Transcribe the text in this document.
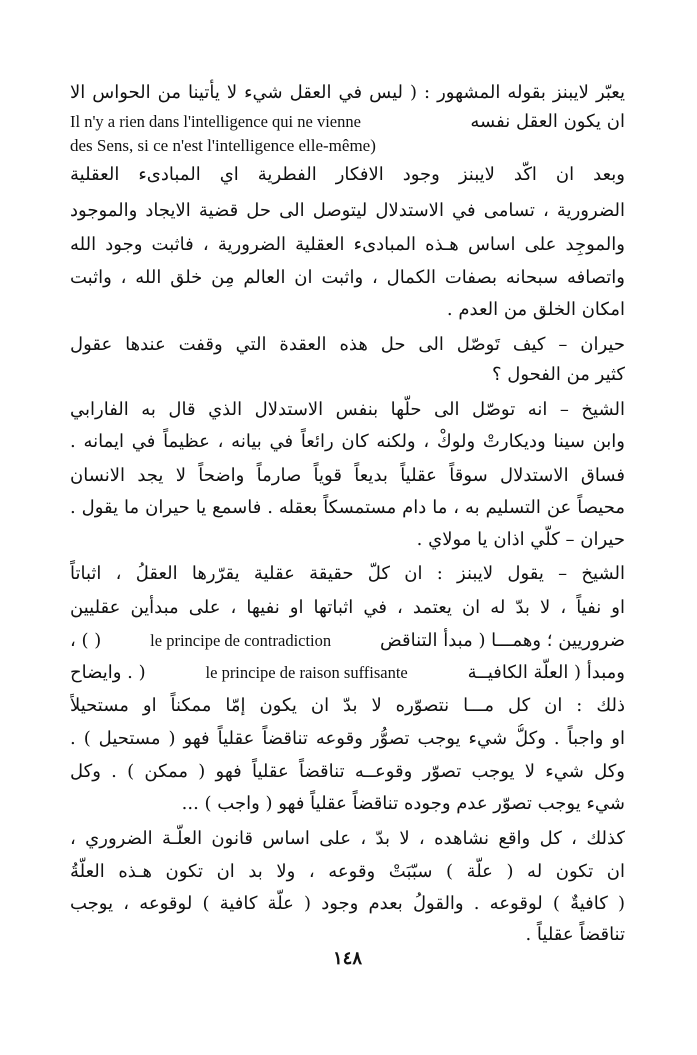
يعبّر لايبنز بقوله المشهور : ( ليس في العقل شيء لا يأتينا من الحواس الا
ان يكون العقل نفسه
Il n'y a rien dans l'intelligence qui ne vienne
des Sens, si ce n'est l'intelligence elle-même)
وبعد ان اكّد لايبنز وجود الافكار الفطرية اي المبادىء العقلية
الضرورية ، تسامى في الاستدلال ليتوصل الى حل قضية الايجاد والموجود
والموجِد على اساس هـذه المبادىء العقلية الضرورية ، فاثبت وجود الله
واتصافه سبحانه بصفات الكمال ، واثبت ان العالم مِن خلق الله ، واثبت
امكان الخلق من العدم .
حيران – كيف تَوصّل الى حل هذه العقدة التي وقفت عندها عقول
كثير من الفحول ؟
الشيخ – انه توصّل الى حلّها بنفس الاستدلال الذي قال به الفارابي
وابن سينا وديكارتْ ولوكْ ، ولكنه كان رائعاً في بيانه ، عظيماً في ايمانه .
فساق الاستدلال سوقاً عقلياً بديعاً قوياً صارماً واضحاً لا يجد الانسان
محيصاً عن التسليم به ، ما دام مستمسكاً بعقله . فاسمع يا حيران ما يقول .
حيران – كلّي اذان يا مولاي .
الشيخ – يقول لايبنز : ان كلّ حقيقة عقلية يقرّرها العقلُ ، اثباتاً
او نفياً ، لا بدّ له ان يعتمد ، في اثباتها او نفيها ، على مبدأين عقليين
ضروريين ؛ وهمـــا ( مبدأ التناقض
le principe de contradiction
( ) ،
ومبدأ ( العلّة الكافيــة
le principe de raison suffisante
( . وايضاح
ذلك : ان كل مـــا نتصوّره لا بدّ ان يكون إمّا ممكناً او مستحيلاً
او واجباً . وكلُّ شيء يوجب تصوُّر وقوعه تناقضاً عقلياً فهو ( مستحيل ) .
وكل شيء لا يوجب تصوّر وقوعــه تناقضاً عقلياً فهو ( ممكن ) . وكل
شيء يوجب تصوّر عدم وجوده تناقضاً عقلياً فهو ( واجب ) ...
كذلك ، كل واقع نشاهده ، لا بدّ ، على اساس قانون العلّـة الضروري ،
ان تكون له ( علّة ) سبّبَتْ وقوعه ، ولا بد ان تكون هـذه العلّةُ
( كافيةٌ ) لوقوعه . والقولُ بعدم وجود ( علّة كافية ) لوقوعه ، يوجب
تناقضاً عقلياً .
١٤٨
